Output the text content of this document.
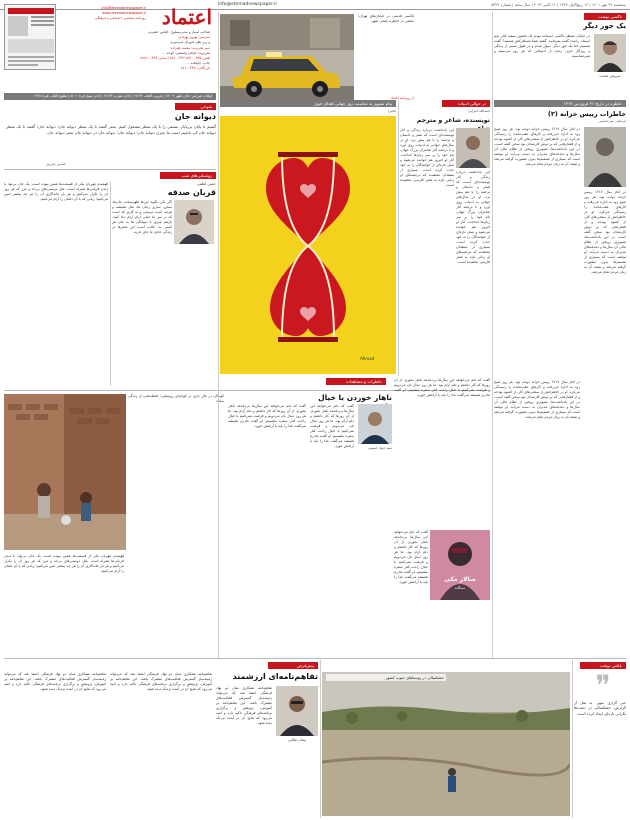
پنجشنبه ۲۴ مهر ۱۴۰۱ | ۱۶ ربیع‌الاول ۱۴۴۴ | ۱۶ اکتبر ۲۰۲۲ | سال پنجم | شماره ۵۳۲۳
Info@etemadnewspaper.ir
اعتماد
info@etemadnewspaper.ir
www.etemadnewspaper.ir
روزنامه سیاسی، اجتماعی و فرهنگی
صاحب امتیاز و مدیرمسئول: الیاس حضرتی
سردبیر: بهروز بهزادی
و زیر نظر شورای سردبیری
دبیر تحریریه: محمد علیزاده
تحریریه: خیابان ولیعصر، کوچه ...
تلفن: ۸۸۱۰۰۴۳۵-۸۸۱۰۰۴۳۶ | نمابر: ۸۸۸۱۰۰۴۳۷
چاپ: چاپخانه ...
بازرگانی: ۸۸۱۰۰۴۳۸
اوقات شرعی: اذان ظهر ۱۲:۰۴ | غروب آفتاب ۱۷:۲۴ | اذان مغرب ۱۷:۴۲ | اذان صبح فردا ۵:۰۱ | طلوع آفتاب فردا ۶:۲۸
شوخی
دیوانه جان
گفتیم با پایان بی‌پایان عشقی را با یک سطر مشغول کنیم. شعر گفتند با یک سطر دیوانه جان؛ دیوانه جان؛ گفتند با یک سطر دیوانه جان کی باشیم دست ما چیزی دیوانه جان؛ دیوانه جان؛ دیوانه جان در دیوانه جان شعر دیوانه جان
حسین منزوی
روشنایی‌های شب
حسن لطفی
قربان صدقه
اگر یکی بگوید این‌ها ظهرسخت جان‌ها، سخن، ساری زمان ها، مثل همیشه و هرچه است دوستی و نه کاری که است که بر سر ما خیلی آرام آرام دعا کنید. بازهم چیزی تا دیوانگی ها به جان هر کسی نه؛ جالب است این شعرها در زندگی عادی ما جای دارند.
فهمیدم مهربان یکی از قسمت‌ها همین نبوده است. یک جان بی‌نوا، با دیدن قربانی‌ها همراه است. مثل دوستی‌های بی‌حد و مرز که هر روز آن را تکرار می‌کنیم و هر بار ماندگاری آن را هر چه بیشتر حس می‌کنیم؛ زبانی که با آن دلمان را آرام می‌کنیم.
تاکسی قدیمی در خیابان‌های تهران؛ بخشی از خاطره جمعی شهر
از روزنامه اعتماد
تاکسی نوشت
یک جور دیگر
سروش صحت
در خیابان منتظر تاکسی ایستاده بودم یک ماشین سفید کنار پایم ایستاد. راننده گفت بفرمایید. گفتم شما مسافرکش هستید؟ گفت هستیم، اما یک جور دیگر. سوار شدم و در طول مسیر از زندگی و روزگار حرف زدیم؛ از آدم‌هایی که هر روز می‌بینیم و نمی‌شناسیم.
خاطره در تاریخ ۲۱ فروردین ۱۳۱۷
خاطرات رییس خزانه (۳)
مرتضی میرحسینی
در آغاز سال ۱۳۱۷ رییس خزانه دولت بود. هر روز صبح زود به اداره می‌رفت و کارهای عقب‌مانده را رسیدگی می‌کرد. او در خاطراتش از سختی‌های کار، از کمبود بودجه و از فشارهایی که بر دوش کارمندان بود سخن گفته است. در این یادداشت‌ها، تصویری روشن از نظام مالی آن سال‌ها و دغدغه‌های مدیران به دست می‌آید. او نوشته است که بسیاری از تصمیم‌ها بدون مشورت گرفته می‌شد و نتیجه آن به زیان مردم تمام می‌شد.
در آغاز سال ۱۳۱۷ رییس خزانه دولت بود. هر روز صبح زود به اداره می‌رفت و کارهای عقب‌مانده را رسیدگی می‌کرد. او در خاطراتش از سختی‌های کار، از کمبود بودجه و از فشارهایی که بر دوش کارمندان بود سخن گفته است. در این یادداشت‌ها، تصویری روشن از نظام مالی آن سال‌ها و دغدغه‌های مدیران به دست می‌آید. او نوشته است که بسیاری از تصمیم‌ها بدون مشورت گرفته می‌شد و نتیجه آن به زیان مردم تمام می‌شد.
در آغاز سال ۱۳۱۷ رییس خزانه دولت بود. هر روز صبح زود به اداره می‌رفت و کارهای عقب‌مانده را رسیدگی می‌کرد. او در خاطراتش از سختی‌های کار، از کمبود بودجه و از فشارهایی که بر دوش کارمندان بود سخن گفته است. در این یادداشت‌ها، تصویری روشن از نظام مالی آن سال‌ها و دغدغه‌های مدیران به دست می‌آید. او نوشته است که بسیاری از تصمیم‌ها بدون مشورت گرفته می‌شد و نتیجه آن به زیان مردم تمام می‌شد.
در حوالی ادبیات
اسدالله امرایی
نویسنده، شاعر و مترجم
این یادداشت درباره زندگی و آثار نویسنده‌ای است که شعر و داستان و ترجمه را با هم پیش برد. او در سال‌های جوانی به ادبیات روی آورد و با ترجمه آثار شاعران بزرگ جهان، نام خود را بر سر زبان‌ها انداخت. آثار او امروز هم خوانده می‌شود و نسل تازه‌ای از خوانندگان را به خود جذب کرده است. بسیاری از منتقدان معتقدند که ترجمه‌های او زبانی تازه به شعر فارسی بخشیده است.
این یادداشت درباره زندگی و آثار نویسنده‌ای است که شعر و داستان و ترجمه را با هم پیش برد. او در سال‌های جوانی به ادبیات روی آورد و با ترجمه آثار شاعران بزرگ جهان، نام خود را بر سر زبان‌ها انداخت. آثار او امروز هم خوانده می‌شود و نسل تازه‌ای از خوانندگان را به خود جذب کرده است. بسیاری از منتقدان معتقدند که ترجمه‌های او زبانی تازه به شعر فارسی بخشیده است.
پیام تصویر به مناسبت روز جهانی اهدای خون
الخبرا
Ahmad
خاطرات و مشاهدات
ناهار خوردن با خیال
سید جواد حسینی
گفت که دلم می‌خواهد این سال‌ها بی‌دغدغه ناهار بخورم. از آن روزها که کار داشتم و دلم آرام بود. ما هر روز دنبال نان می‌دویم و فرصت نمی‌کنیم با خیال راحت کنار سفره بنشینیم. او گفت مادرم همیشه می‌گفت غذا را باید با آرامش خورد.
گفت که دلم می‌خواهد این سال‌ها بی‌دغدغه ناهار بخورم. از آن روزها که کار داشتم و دلم آرام بود. ما هر روز دنبال نان می‌دویم و فرصت نمی‌کنیم با خیال راحت کنار سفره بنشینیم. او گفت مادرم همیشه می‌گفت غذا را باید با آرامش خورد.
گفت که دلم می‌خواهد این سال‌ها بی‌دغدغه ناهار بخورم. از آن روزها که کار داشتم و دلم آرام بود. ما هر روز دنبال نان می‌دویم و فرصت نمی‌کنیم با خیال راحت کنار سفره بنشینیم. او گفت مادرم همیشه می‌گفت غذا را باید با آرامش خورد.
سالار مکی
سه‌گانه
گفت که دلم می‌خواهد این سال‌ها بی‌دغدغه ناهار بخورم. از آن روزها که کار داشتم و دلم آرام بود. ما هر روز دنبال نان می‌دویم و فرصت نمی‌کنیم با خیال راحت کنار سفره بنشینیم. او گفت مادرم همیشه می‌گفت غذا را باید با آرامش خورد.
کودکان در حال بازی در کوچه‌ای روستایی؛ لحظه‌هایی از زندگی ساده
فهمیدم مهربان یکی از قسمت‌ها همین نبوده است. یک جان بی‌نوا، با دیدن قربانی‌ها همراه است. مثل دوستی‌های بی‌حد و مرز که هر روز آن را تکرار می‌کنیم و هر بار ماندگاری آن را هر چه بیشتر حس می‌کنیم؛ زبانی که با آن دلمان را آرام می‌کنیم.
پیش‌فرض
تفاهم‌نامه‌ای ارزشمند
پیمان طالبی
تفاهم‌نامه همکاری میان دو نهاد فرهنگی امضا شد که می‌تواند زمینه‌ساز گسترش فعالیت‌های مشترک باشد. این تفاهم‌نامه بر آموزش، پژوهش و برگزاری برنامه‌های فرهنگی تاکید دارد و امید می‌رود که نتایج آن در آینده نزدیک دیده شود.
تفاهم‌نامه همکاری میان دو نهاد فرهنگی امضا شد که می‌تواند زمینه‌ساز گسترش فعالیت‌های مشترک باشد. این تفاهم‌نامه بر آموزش، پژوهش و برگزاری برنامه‌های فرهنگی تاکید دارد و امید می‌رود که نتایج آن در آینده نزدیک دیده شود.
تفاهم‌نامه همکاری میان دو نهاد فرهنگی امضا شد که می‌تواند زمینه‌ساز گسترش فعالیت‌های مشترک باشد. این تفاهم‌نامه بر آموزش، پژوهش و برگزاری برنامه‌های فرهنگی تاکید دارد و امید می‌رود که نتایج آن در آینده نزدیک دیده شود.
عکس نوشت
خشکسالی در روستاهای جنوب کشور	❞
خبر گزاری میهر. به نقل از گزارش، خشکسالی در دشت‌ها نگرانی تازه‌ای ایجاد کرده است.
